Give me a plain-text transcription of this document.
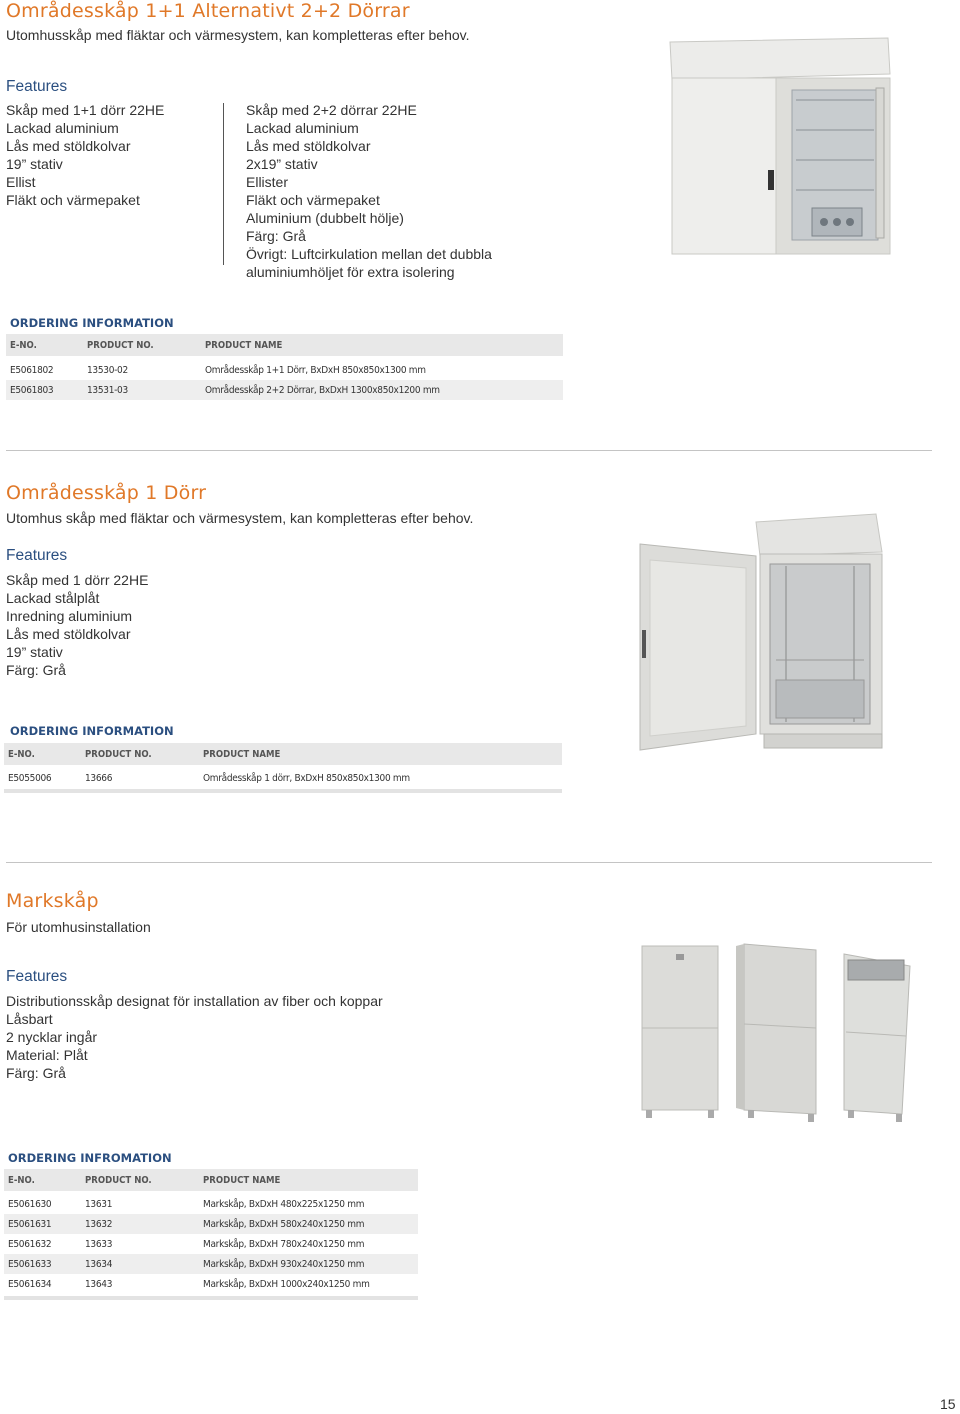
Områdesskåp 1+1 Alternativt 2+2 Dörrar
Utomhusskåp med fläktar och värmesystem, kan kompletteras efter behov.
Features
Skåp med 1+1 dörr 22HE
Lackad aluminium
Lås med stöldkolvar
19” stativ
Ellist
Fläkt och värmepaket
Skåp med 2+2 dörrar 22HE
Lackad aluminium
Lås med stöldkolvar
2x19” stativ
Ellister
Fläkt och värmepaket
Aluminium (dubbelt hölje)
Färg: Grå
Övrigt: Luftcirkulation mellan det dubbla
aluminiumhöljet för extra isolering
ORDERING INFORMATION
E-NO.	PRODUCT NO.	PRODUCT NAME

E5061802	13530-02	Områdesskåp 1+1 Dörr, BxDxH 850x850x1300 mm
E5061803	13531-03	Områdesskåp 2+2 Dörrar, BxDxH 1300x850x1200 mm
Områdesskåp 1 Dörr
Utomhus skåp med fläktar och värmesystem, kan kompletteras efter behov.
Features
Skåp med 1 dörr 22HE
Lackad stålplåt
Inredning aluminium
Lås med stöldkolvar
19” stativ
Färg: Grå
ORDERING INFORMATION
E-NO.	PRODUCT NO.	PRODUCT NAME

E5055006	13666	Områdesskåp 1 dörr, BxDxH 850x850x1300 mm
Markskåp
För utomhusinstallation
Features
Distributionsskåp designat för installation av fiber och koppar
Låsbart
2 nycklar ingår
Material: Plåt
Färg: Grå
ORDERING INFROMATION
E-NO.	PRODUCT NO.	PRODUCT NAME

E5061630	13631	Markskåp, BxDxH 480x225x1250 mm
E5061631	13632	Markskåp, BxDxH 580x240x1250 mm
E5061632	13633	Markskåp, BxDxH 780x240x1250 mm
E5061633	13634	Markskåp, BxDxH 930x240x1250 mm
E5061634	13643	Markskåp, BxDxH 1000x240x1250 mm
15
